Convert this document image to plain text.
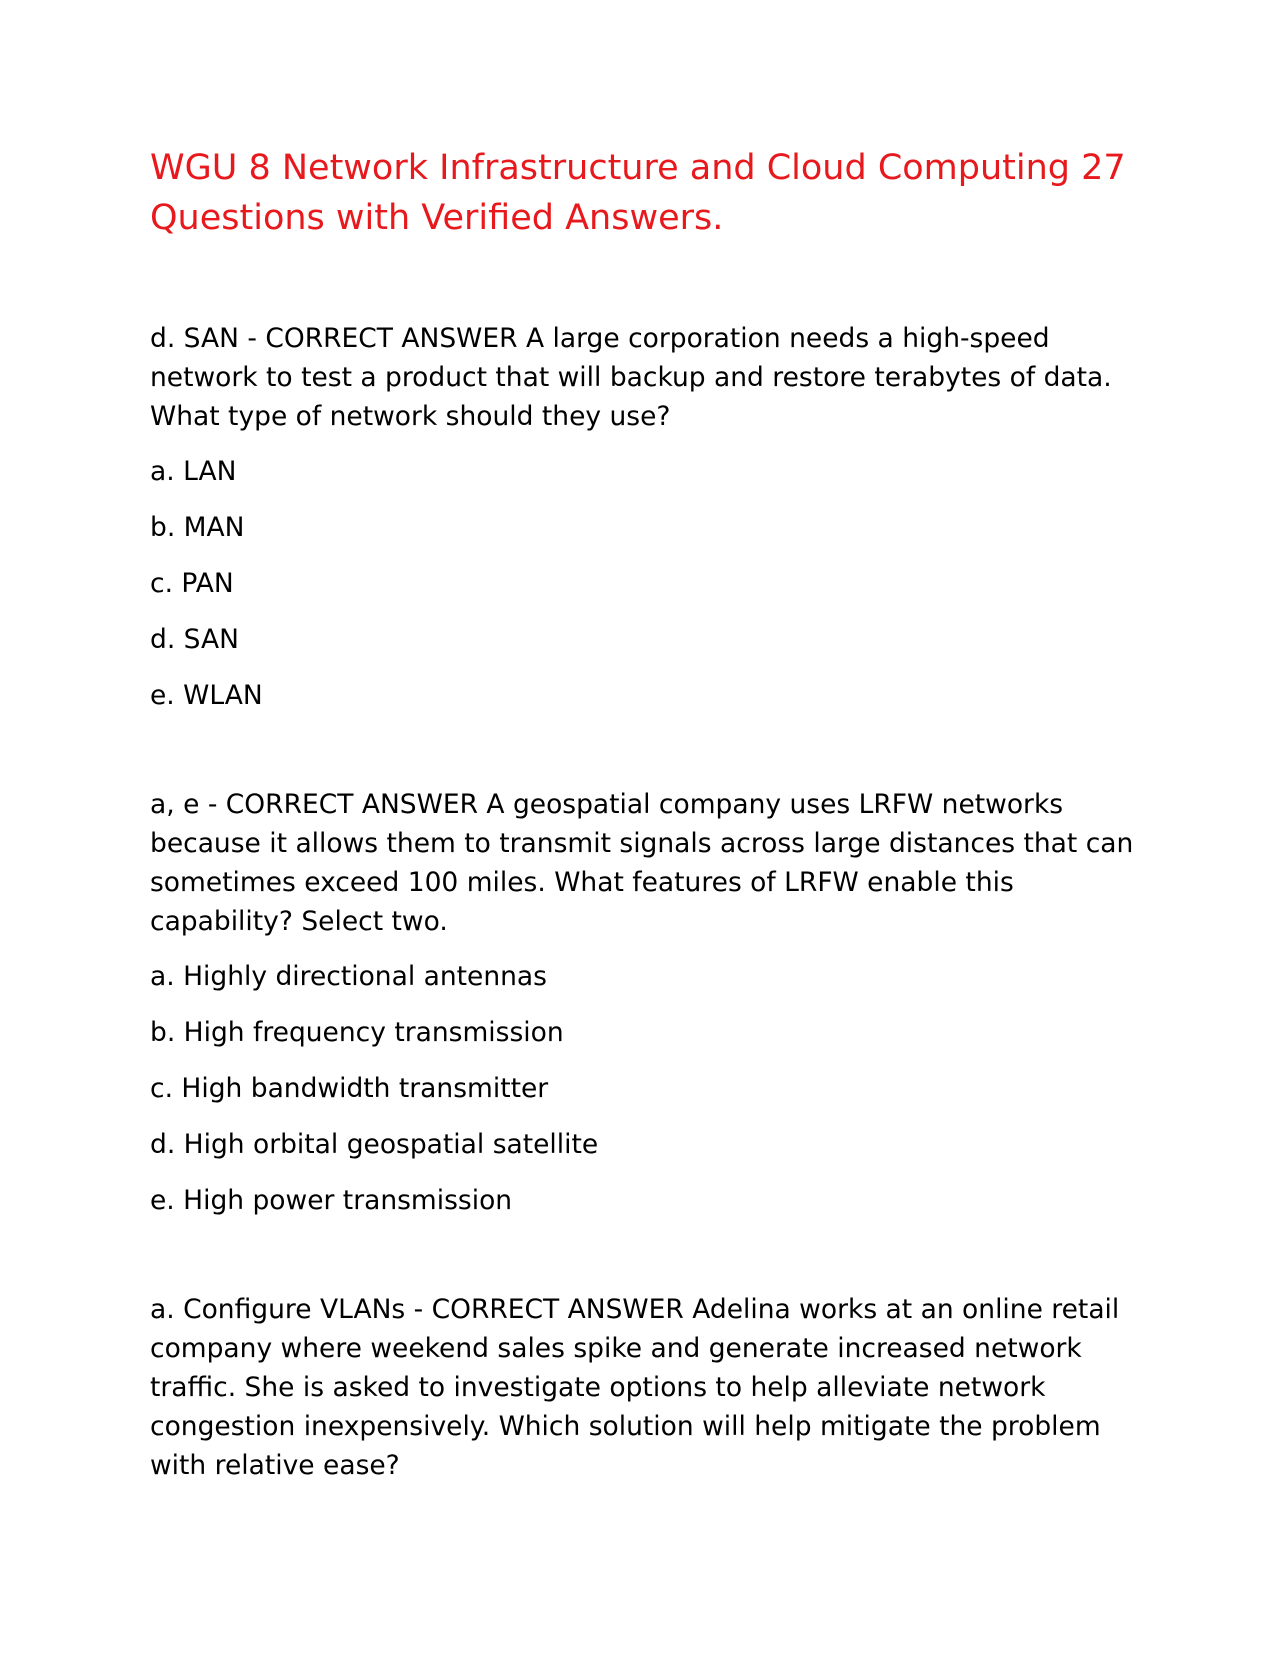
WGU 8 Network Infrastructure and Cloud Computing 27 Questions with Verified Answers.

d. SAN - CORRECT ANSWER A large corporation needs a high-speed network to test a product that will backup and restore terabytes of data. What type of network should they use?

a. LAN
b. MAN
c. PAN
d. SAN
e. WLAN

a, e - CORRECT ANSWER A geospatial company uses LRFW networks because it allows them to transmit signals across large distances that can sometimes exceed 100 miles. What features of LRFW enable this capability? Select two.

a. Highly directional antennas
b. High frequency transmission
c. High bandwidth transmitter
d. High orbital geospatial satellite
e. High power transmission

a. Configure VLANs - CORRECT ANSWER Adelina works at an online retail company where weekend sales spike and generate increased network traffic. She is asked to investigate options to help alleviate network congestion inexpensively. Which solution will help mitigate the problem with relative ease?
